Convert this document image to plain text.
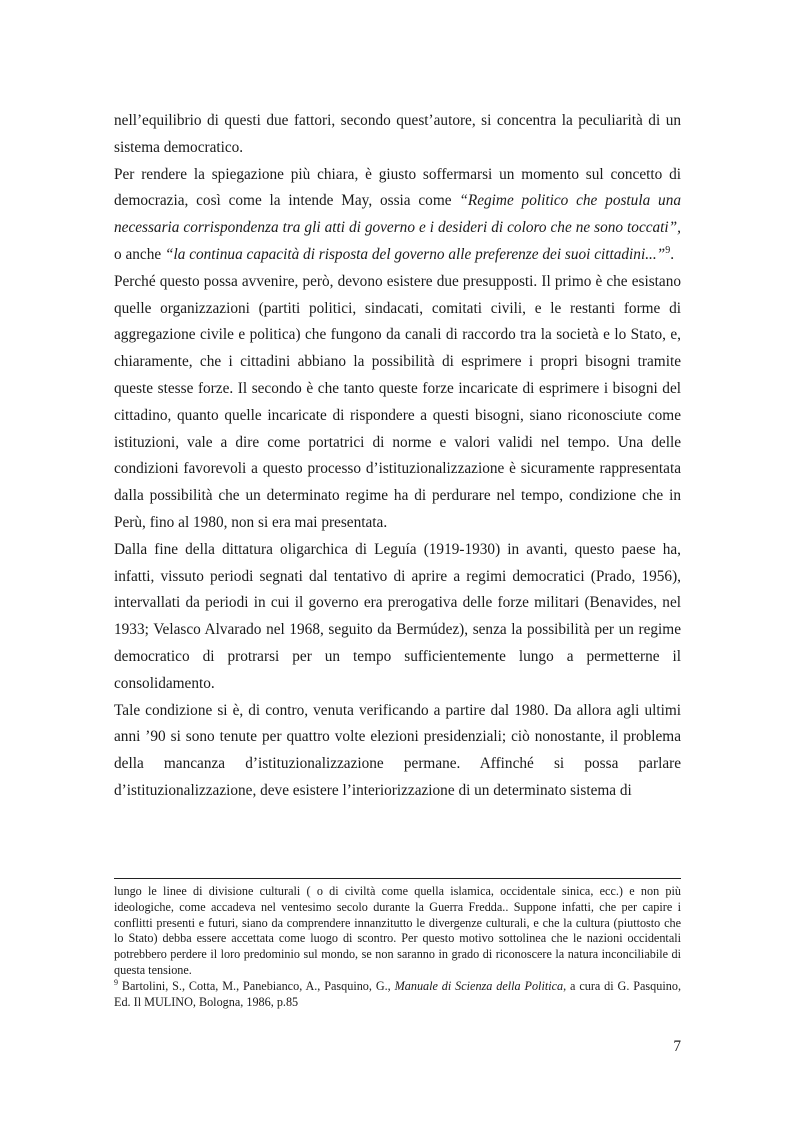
nell’equilibrio di questi due fattori, secondo quest’autore, si concentra la peculiarità di un sistema democratico.

Per rendere la spiegazione più chiara, è giusto soffermarsi un momento sul concetto di democrazia, così come la intende May, ossia come “Regime politico che postula una necessaria corrispondenza tra gli atti di governo e i desideri di coloro che ne sono toccati”, o anche “la continua capacità di risposta del governo alle preferenze dei suoi cittadini...”$^9$.

Perché questo possa avvenire, però, devono esistere due presupposti. Il primo è che esistano quelle organizzazioni (partiti politici, sindacati, comitati civili, e le restanti forme di aggregazione civile e politica) che fungono da canali di raccordo tra la società e lo Stato, e, chiaramente, che i cittadini abbiano la possibilità di esprimere i propri bisogni tramite queste stesse forze. Il secondo è che tanto queste forze incaricate di esprimere i bisogni del cittadino, quanto quelle incaricate di rispondere a questi bisogni, siano riconosciute come istituzioni, vale a dire come portatrici di norme e valori validi nel tempo. Una delle condizioni favorevoli a questo processo d’istituzionalizzazione è sicuramente rappresentata dalla possibilità che un determinato regime ha di perdurare nel tempo, condizione che in Perù, fino al 1980, non si era mai presentata.

Dalla fine della dittatura oligarchica di Leguía (1919-1930) in avanti, questo paese ha, infatti, vissuto periodi segnati dal tentativo di aprire a regimi democratici (Prado, 1956), intervallati da periodi in cui il governo era prerogativa delle forze militari (Benavides, nel 1933; Velasco Alvarado nel 1968, seguito da Bermúdez), senza la possibilità per un regime democratico di protrarsi per un tempo sufficientemente lungo a permetterne il consolidamento.

Tale condizione si è, di contro, venuta verificando a partire dal 1980. Da allora agli ultimi anni ’90 si sono tenute per quattro volte elezioni presidenziali; ciò nonostante, il problema della mancanza d’istituzionalizzazione permane. Affinché si possa parlare d’istituzionalizzazione, deve esistere l’interiorizzazione di un determinato sistema di

lungo le linee di divisione culturali ( o di civiltà come quella islamica, occidentale sinica, ecc.) e non più ideologiche, come accadeva nel ventesimo secolo durante la Guerra Fredda.. Suppone infatti, che per capire i conflitti presenti e futuri, siano da comprendere innanzitutto le divergenze culturali, e che la cultura (piuttosto che lo Stato) debba essere accettata come luogo di scontro. Per questo motivo sottolinea che le nazioni occidentali potrebbero perdere il loro predominio sul mondo, se non saranno in grado di riconoscere la natura inconciliabile di questa tensione.

$^9$ Bartolini, S., Cotta, M., Panebianco, A., Pasquino, G., Manuale di Scienza della Politica, a cura di G. Pasquino, Ed. Il MULINO, Bologna, 1986, p.85

7
